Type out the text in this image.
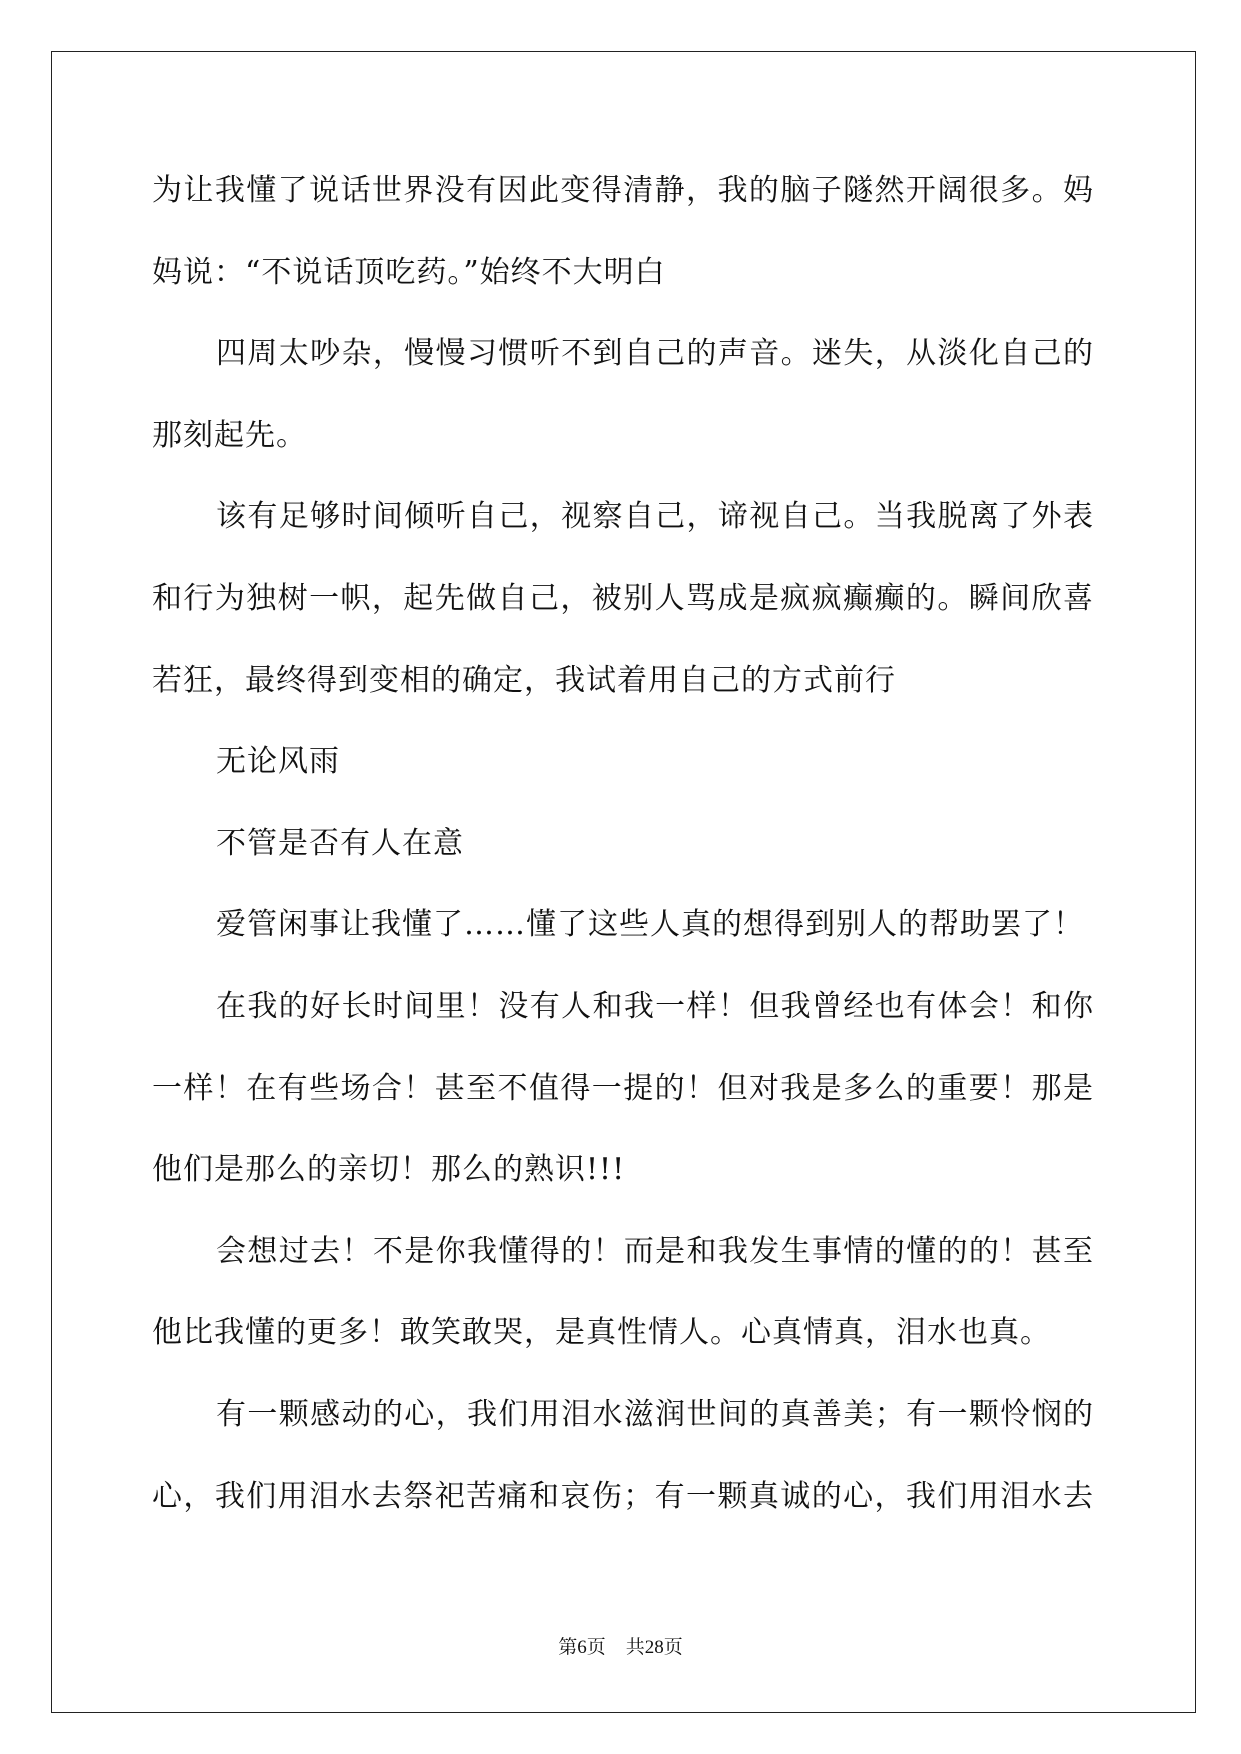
为让我懂了说话世界没有因此变得清静，我的脑子隧然开阔很多。妈
妈说：“不说话顶吃药。”始终不大明白
四周太吵杂，慢慢习惯听不到自己的声音。迷失，从淡化自己的
那刻起先。
该有足够时间倾听自己，视察自己，谛视自己。当我脱离了外表
和行为独树一帜，起先做自己，被别人骂成是疯疯癫癫的。瞬间欣喜
若狂，最终得到变相的确定，我试着用自己的方式前行
无论风雨
不管是否有人在意
爱管闲事让我懂了……懂了这些人真的想得到别人的帮助罢了！
在我的好长时间里！没有人和我一样！但我曾经也有体会！和你
一样！在有些场合！甚至不值得一提的！但对我是多么的重要！那是
他们是那么的亲切！那么的熟识!!!
会想过去！不是你我懂得的！而是和我发生事情的懂的的！甚至
他比我懂的更多！敢笑敢哭，是真性情人。心真情真，泪水也真。
有一颗感动的心，我们用泪水滋润世间的真善美；有一颗怜悯的
心，我们用泪水去祭祀苦痛和哀伤；有一颗真诚的心，我们用泪水去
第6页 共28页
